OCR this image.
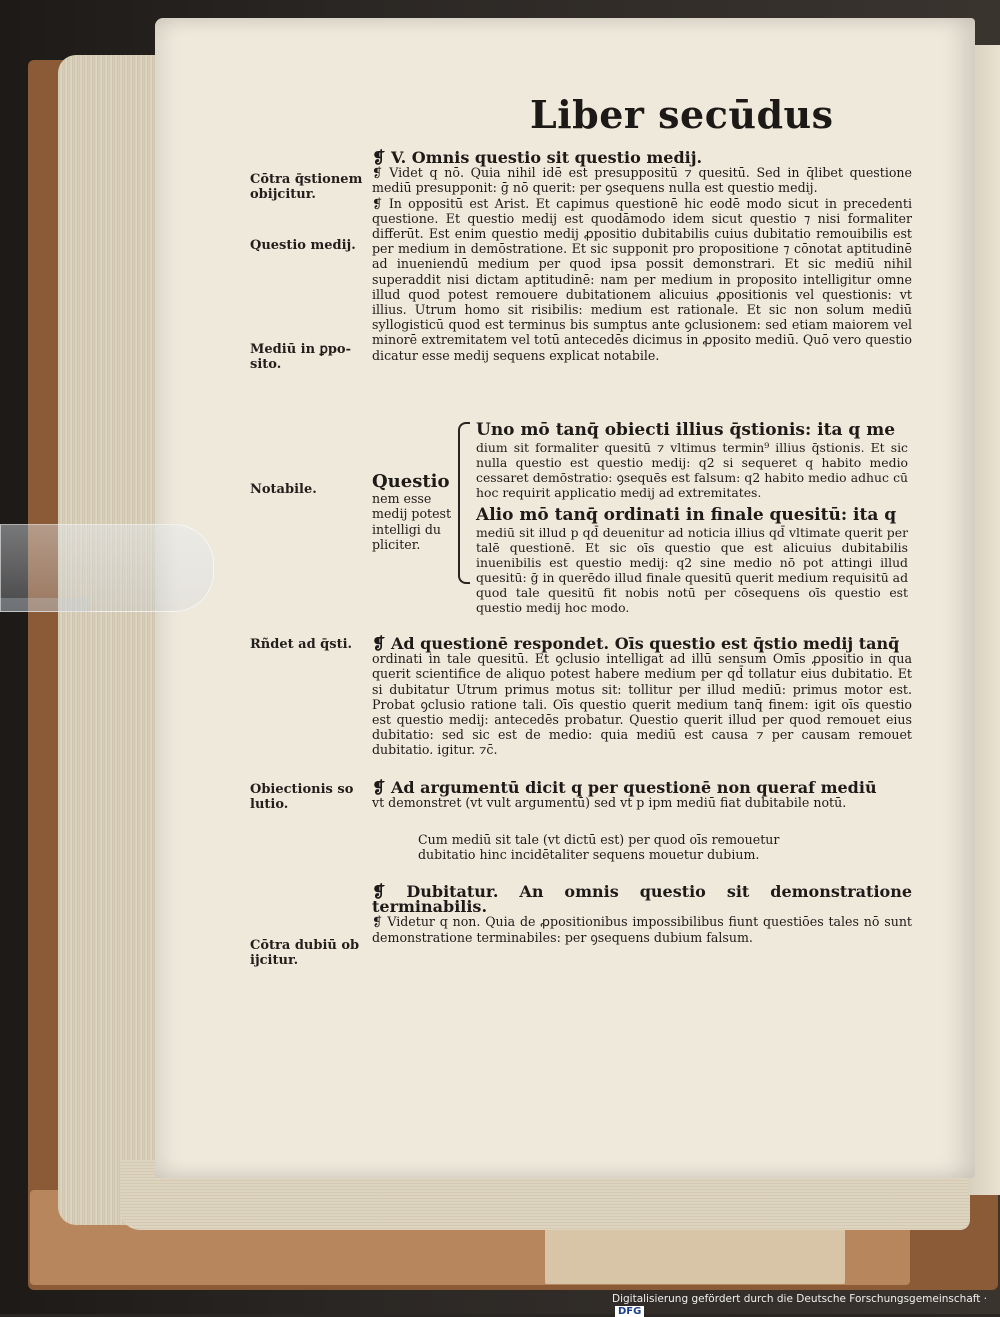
Liber secūdus
Cōtra q̄stionem obijcitur.
Questio medij.
Mediū in ꝑpo- sito.
Notabile.
Rñdet ad q̄sti.
Obiectionis so lutio.
Cōtra dubiū ob ijcitur.
❡ V. Omnis questio sit questio medij.
❡ Videt q nō. Quia nihil idē est presuppositū ⁊ quesitū. Sed in q̄libet questione mediū presupponit: ḡ nō querit: per ꝯsequens nulla est questio medij.
❡ In oppositū est Arist. Et capimus questionē hic eodē modo sicut in precedenti questione. Et questio medij est quodāmodo idem sicut questio ⁊ nisi formaliter differūt. Est enim questio medij ꝓpositio dubitabilis cuius dubitatio remouibilis est per medium in demōstratione. Et sic supponit pro propositione ⁊ cōnotat aptitudinē ad inueniendū medium per quod ipsa possit demonstrari. Et sic mediū nihil superaddit nisi dictam aptitudinē: nam per medium in proposito intelligitur omne illud quod potest remouere dubitationem alicuius ꝓpositionis vel questionis: vt illius. Utrum homo sit risibilis: medium est rationale. Et sic non solum mediū syllogisticū quod est terminus bis sumptus ante ꝯclusionem: sed etiam maiorem vel minorē extremitatem vel totū antecedēs dicimus in ꝓposito mediū. Quō vero questio dicatur esse medij sequens explicat notabile.
Questio nem esse medij potest intelligi du pliciter.
Uno mō tanq̄ obiecti illius q̄stionis: ita q me
dium sit formaliter quesitū ⁊ vltimus termin⁹ illius q̄stionis. Et sic nulla questio est questio medij: q2 si sequeret q habito medio cessaret demōstratio: ꝯsequēs est falsum: q2 habito medio adhuc cū hoc requirit applicatio medij ad extremitates.
Alio mō tanq̄ ordinati in finale quesitū: ita q
mediū sit illud p qd̄ deuenitur ad noticia illius qd̄ vltimate querit per talē questionē. Et sic oīs questio que est alicuius dubitabilis inuenibilis est questio medij: q2 sine medio nō pot attingi illud quesitū: ḡ in querēdo illud finale quesitū querit medium requisitū ad quod tale quesitū fit nobis notū per cōsequens oīs questio est questio medij hoc modo.
❡ Ad questionē respondet. Oīs questio est q̄stio medij tanq̄
ordinati in tale quesitū. Et ꝯclusio intelligat ad illū sensum Omīs ꝓpositio in qua querit scientifice de aliquo potest habere medium per qd̄ tollatur eius dubitatio. Et si dubitatur Utrum primus motus sit: tollitur per illud mediū: primus motor est. Probat ꝯclusio ratione tali. Oīs questio querit medium tanq̄ finem: igit oīs questio est questio medij: antecedēs probatur. Questio querit illud per quod remouet eius dubitatio: sed sic est de medio: quia mediū est causa ⁊ per causam remouet dubitatio. igitur. ⁊c̄.
❡ Ad argumentū dicit q per questionē non queraf mediū
vt demonstret (vt vult argumentū) sed vt p ipm mediū fiat dubitabile notū.
Cum mediū sit tale (vt dictū est) per quod oīs remouetur dubitatio hinc incidētaliter sequens mouetur dubium.
❡ Dubitatur. An omnis questio sit demonstratione terminabilis.
❡ Videtur q non. Quia de ꝓpositionibus impossibilibus fiunt questiōes tales nō sunt demonstratione terminabiles: per ꝯsequens dubium falsum.
Digitalisierung gefördert durch die Deutsche Forschungsgemeinschaft ·DFG
